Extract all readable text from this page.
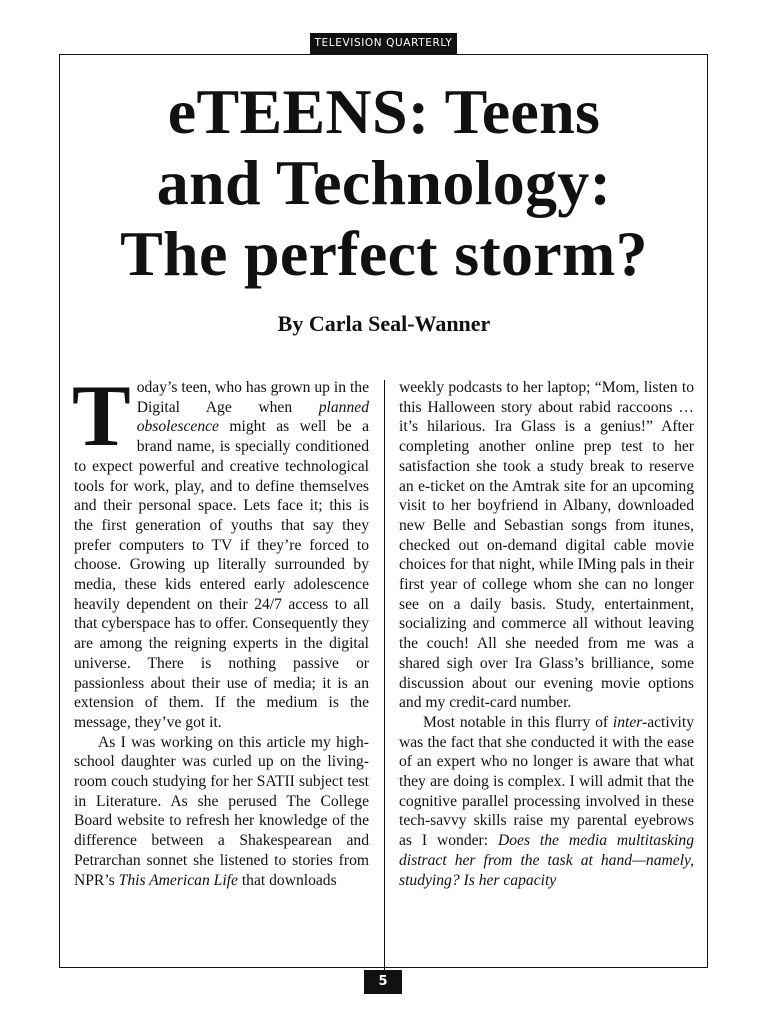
TELEVISION QUARTERLY
eTEENS: Teens
and Technology:
The perfect storm?
By Carla Seal-Wanner

Today’s teen, who has grown up in the Digital Age when planned obsolescence might as well be a brand name, is specially conditioned to expect powerful and creative technological tools for work, play, and to define themselves and their personal space. Lets face it; this is the first generation of youths that say they prefer computers to TV if they’re forced to choose. Growing up literally surrounded by media, these kids entered early adolescence heavily dependent on their 24/7 access to all that cyberspace has to offer. Consequently they are among the reigning experts in the digital universe. There is nothing passive or passionless about their use of media; it is an extension of them. If the medium is the message, they’ve got it.

As I was working on this article my high-school daughter was curled up on the living-room couch studying for her SATII subject test in Literature. As she perused The College Board website to refresh her knowledge of the difference between a Shakespearean and Petrarchan sonnet she listened to stories from NPR’s This American Life that downloads

weekly podcasts to her laptop; “Mom, listen to this Halloween story about rabid raccoons … it’s hilarious. Ira Glass is a genius!” After completing another online prep test to her satisfaction she took a study break to reserve an e-ticket on the Amtrak site for an upcoming visit to her boyfriend in Albany, downloaded new Belle and Sebastian songs from itunes, checked out on-demand digital cable movie choices for that night, while IMing pals in their first year of college whom she can no longer see on a daily basis. Study, entertainment, socializing and commerce all without leaving the couch! All she needed from me was a shared sigh over Ira Glass’s brilliance, some discussion about our evening movie options and my credit-card number.

Most notable in this flurry of inter-activity was the fact that she conducted it with the ease of an expert who no longer is aware that what they are doing is complex. I will admit that the cognitive parallel processing involved in these tech-savvy skills raise my parental eyebrows as I wonder: Does the media multitasking distract her from the task at hand—namely, studying? Is her capacity

5
